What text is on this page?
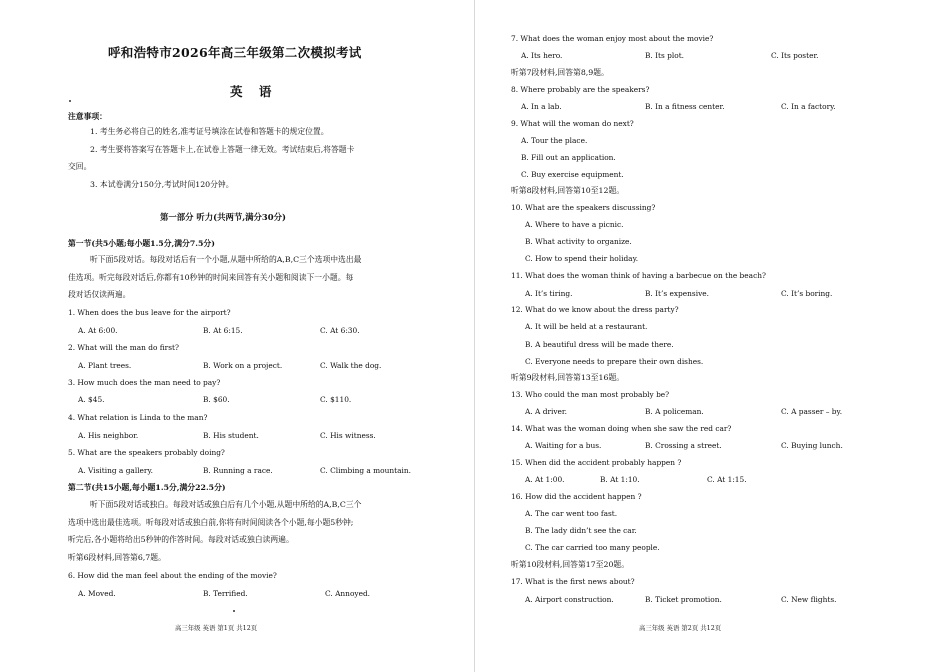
呼和浩特市2026年高三年级第二次模拟考试
英 语
注意事项：
1. 考生务必将自己的姓名,准考证号填涂在试卷和答题卡的规定位置。
2. 考生要将答案写在答题卡上,在试卷上答题一律无效。考试结束后,将答题卡
交回。
3. 本试卷满分150分,考试时间120分钟。
第一部分 听力(共两节,满分30分)
第一节(共5小题;每小题1.5分,满分7.5分)
听下面5段对话。每段对话后有一个小题,从题中所给的A,B,C三个选项中选出最
佳选项。听完每段对话后,你都有10秒钟的时间来回答有关小题和阅读下一小题。每
段对话仅读两遍。
1. When does the bus leave for the airport?
A. At 6:00.	B. At 6:15.	C. At 6:30.
2. What will the man do first?
A. Plant trees.	B. Work on a project.	C. Walk the dog.
3. How much does the man need to pay?
A. $45.	B. $60.	C. $110.
4. What relation is Linda to the man?
A. His neighbor.	B. His student.	C. His witness.
5. What are the speakers probably doing?
A. Visiting a gallery.	B. Running a race.	C. Climbing a mountain.
第二节(共15小题,每小题1.5分,满分22.5分)
听下面5段对话或独白。每段对话或独白后有几个小题,从题中所给的A,B,C三个
选项中选出最佳选项。听每段对话或独白前,你将有时间阅读各个小题,每小题5秒钟;
听完后,各小题将给出5秒钟的作答时间。每段对话或独白读两遍。
听第6段材料,回答第6,7题。
6. How did the man feel about the ending of the movie?
A. Moved.	B. Terrified.	C. Annoyed.
高三年级 英语 第1页 共12页
7. What does the woman enjoy most about the movie?
A. Its hero.	B. Its plot.	C. Its poster.
听第7段材料,回答第8,9题。
8. Where probably are the speakers?
A. In a lab.	B. In a fitness center.	C. In a factory.
9. What will the woman do next?
A. Tour the place.
B. Fill out an application.
C. Buy exercise equipment.
听第8段材料,回答第10至12题。
10. What are the speakers discussing?
A. Where to have a picnic.
B. What activity to organize.
C. How to spend their holiday.
11. What does the woman think of having a barbecue on the beach?
A. It’s tiring.	B. It’s expensive.	C. It’s boring.
12. What do we know about the dress party?
A. It will be held at a restaurant.
B. A beautiful dress will be made there.
C. Everyone needs to prepare their own dishes.
听第9段材料,回答第13至16题。
13. Who could the man most probably be?
A. A driver.	B. A policeman.	C. A passer – by.
14. What was the woman doing when she saw the red car?
A. Waiting for a bus.	B. Crossing a street.	C. Buying lunch.
15. When did the accident probably happen ?
A. At 1:00.	B. At 1:10.	C. At 1:15.
16. How did the accident happen ?
A. The car went too fast.
B. The lady didn’t see the car.
C. The car carried too many people.
听第10段材料,回答第17至20题。
17. What is the first news about?
A. Airport construction.	B. Ticket promotion.	C. New flights.
高三年级 英语 第2页 共12页
